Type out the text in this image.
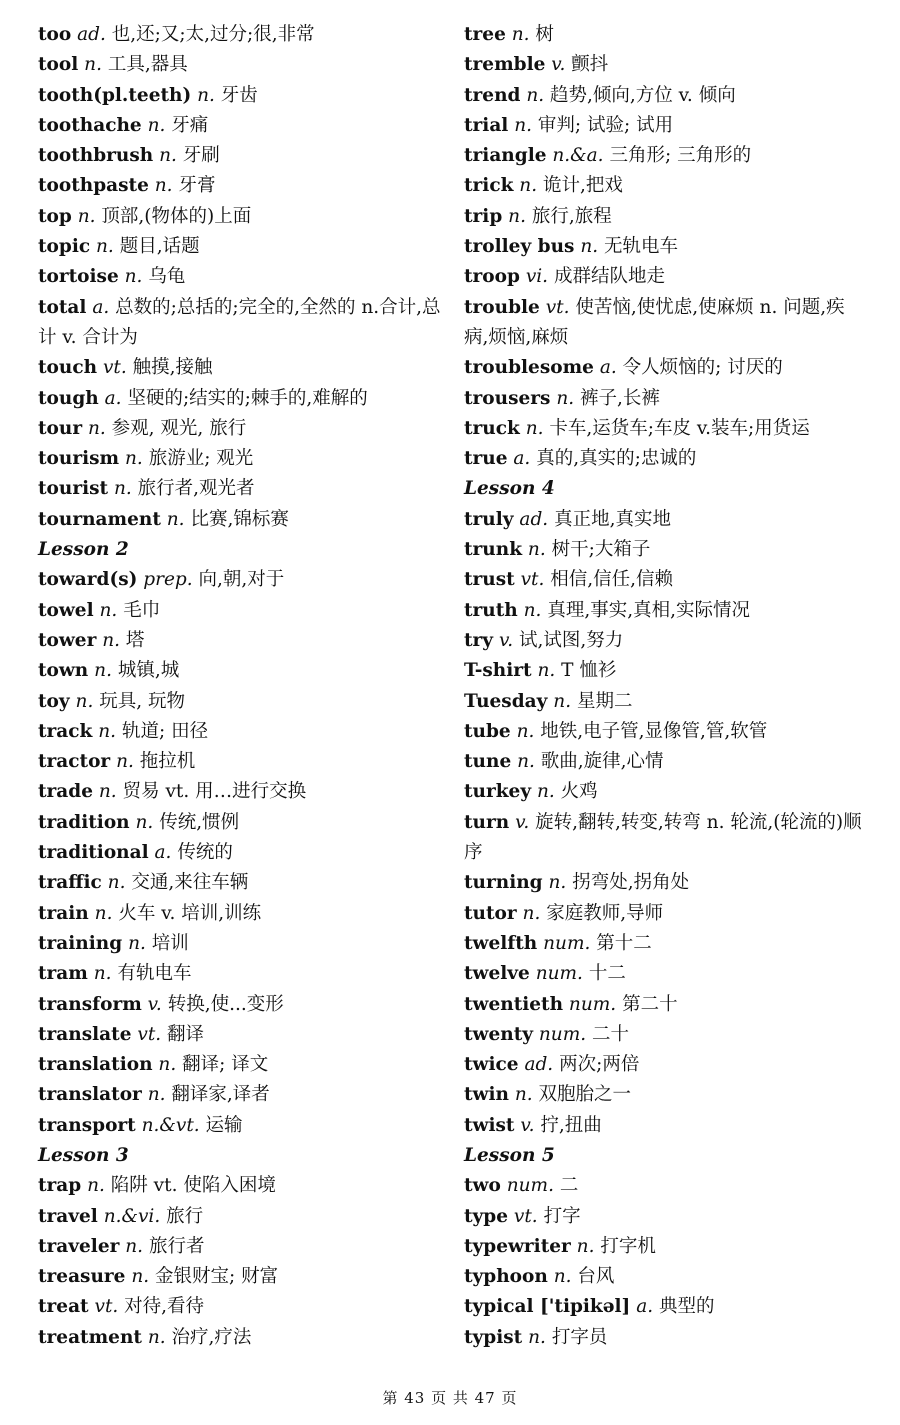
too ad. 也,还;又;太,过分;很,非常
tool n. 工具,器具
tooth(pl.teeth) n. 牙齿
toothache n. 牙痛
toothbrush n. 牙刷
toothpaste n. 牙膏
top n. 顶部,(物体的)上面
topic n. 题目,话题
tortoise n. 乌龟
total a. 总数的;总括的;完全的,全然的 n.合计,总计 v. 合计为
touch vt. 触摸,接触
tough a. 坚硬的;结实的;棘手的,难解的
tour n. 参观, 观光, 旅行
tourism n. 旅游业; 观光
tourist n. 旅行者,观光者
tournament n. 比赛,锦标赛
Lesson 2
toward(s) prep. 向,朝,对于
towel n. 毛巾
tower n. 塔
town n. 城镇,城
toy n. 玩具, 玩物
track n. 轨道; 田径
tractor n. 拖拉机
trade n. 贸易 vt. 用…进行交换
tradition n. 传统,惯例
traditional a. 传统的
traffic n. 交通,来往车辆
train n. 火车 v. 培训,训练
training n. 培训
tram n. 有轨电车
transform v. 转换,使...变形
translate vt. 翻译
translation n. 翻译; 译文
translator n. 翻译家,译者
transport n.&vt. 运输
Lesson 3
trap n. 陷阱 vt. 使陷入困境
travel n.&vi. 旅行
traveler n. 旅行者
treasure n. 金银财宝; 财富
treat vt. 对待,看待
treatment n. 治疗,疗法
tree n. 树
tremble v. 颤抖
trend n. 趋势,倾向,方位 v. 倾向
trial n. 审判; 试验; 试用
triangle n.&a. 三角形; 三角形的
trick n. 诡计,把戏
trip n. 旅行,旅程
trolley bus n. 无轨电车
troop vi. 成群结队地走
trouble vt. 使苦恼,使忧虑,使麻烦 n. 问题,疾病,烦恼,麻烦
troublesome a. 令人烦恼的; 讨厌的
trousers n. 裤子,长裤
truck n. 卡车,运货车;车皮 v.装车;用货运
true a. 真的,真实的;忠诚的
Lesson 4
truly ad. 真正地,真实地
trunk n. 树干;大箱子
trust vt. 相信,信任,信赖
truth n. 真理,事实,真相,实际情况
try v. 试,试图,努力
T-shirt n. T 恤衫
Tuesday n. 星期二
tube n. 地铁,电子管,显像管,管,软管
tune n. 歌曲,旋律,心情
turkey n. 火鸡
turn v. 旋转,翻转,转变,转弯 n. 轮流,(轮流的)顺序
turning n. 拐弯处,拐角处
tutor n. 家庭教师,导师
twelfth num. 第十二
twelve num. 十二
twentieth num. 第二十
twenty num. 二十
twice ad. 两次;两倍
twin n. 双胞胎之一
twist v. 拧,扭曲
Lesson 5
two num. 二
type vt. 打字
typewriter n. 打字机
typhoon n. 台风
typical ['tipikəl] a. 典型的
typist n. 打字员
第 43 页 共 47 页
